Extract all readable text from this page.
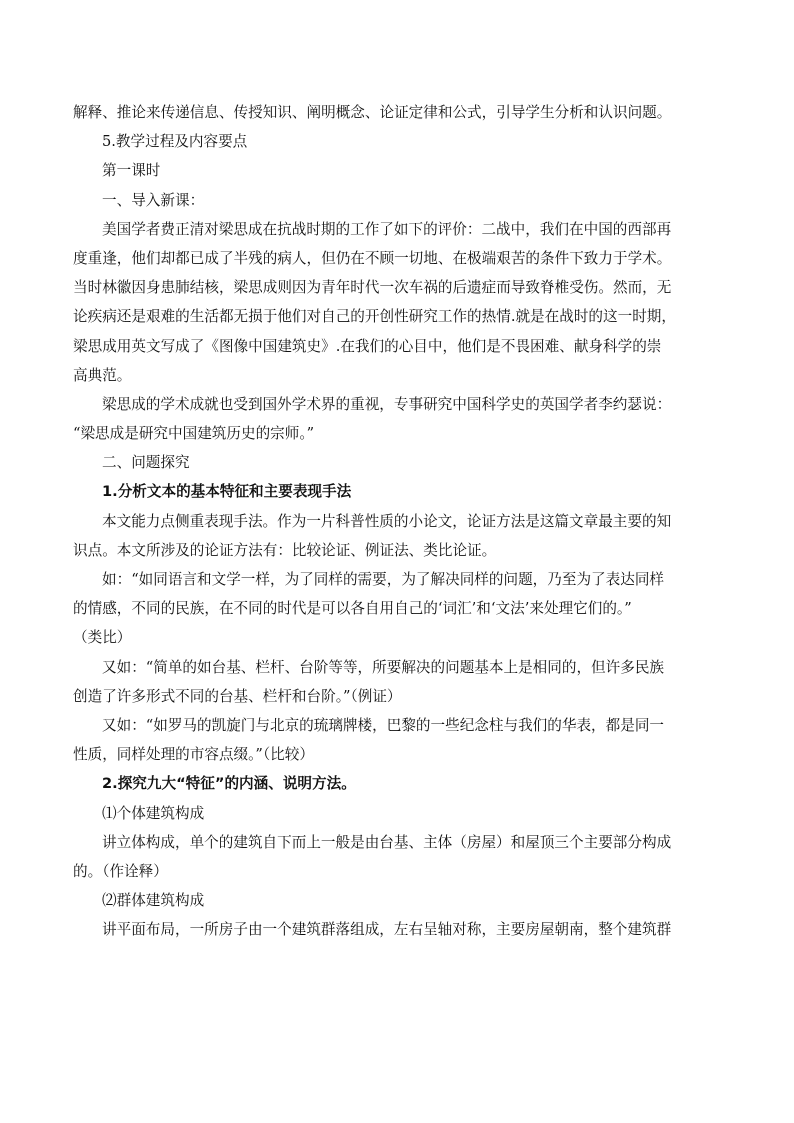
解释、推论来传递信息、传授知识、阐明概念、论证定律和公式，引导学生分析和认识问题。
5.教学过程及内容要点
第一课时
一、导入新课：
美国学者费正清对梁思成在抗战时期的工作了如下的评价：二战中，我们在中国的西部再
度重逢，他们却都已成了半残的病人，但仍在不顾一切地、在极端艰苦的条件下致力于学术。
当时林徽因身患肺结核，梁思成则因为青年时代一次车祸的后遗症而导致脊椎受伤。然而，无
论疾病还是艰难的生活都无损于他们对自己的开创性研究工作的热情.就是在战时的这一时期，
梁思成用英文写成了《图像中国建筑史》.在我们的心目中，他们是不畏困难、献身科学的崇
高典范。
梁思成的学术成就也受到国外学术界的重视，专事研究中国科学史的英国学者李约瑟说：
“梁思成是研究中国建筑历史的宗师。”
二、问题探究
1.分析文本的基本特征和主要表现手法
本文能力点侧重表现手法。作为一片科普性质的小论文，论证方法是这篇文章最主要的知
识点。本文所涉及的论证方法有：比较论证、例证法、类比论证。
如：“如同语言和文学一样，为了同样的需要，为了解决同样的问题，乃至为了表达同样
的情感，不同的民族，在不同的时代是可以各自用自己的‘词汇’和‘文法’来处理它们的。”
（类比）
又如：“简单的如台基、栏杆、台阶等等，所要解决的问题基本上是相同的，但许多民族
创造了许多形式不同的台基、栏杆和台阶。”（例证）
又如：“如罗马的凯旋门与北京的琉璃牌楼，巴黎的一些纪念柱与我们的华表，都是同一
性质，同样处理的市容点缀。”（比较）
2.探究九大“特征”的内涵、说明方法。
⑴个体建筑构成
讲立体构成，单个的建筑自下而上一般是由台基、主体（房屋）和屋顶三个主要部分构成
的。（作诠释）
⑵群体建筑构成
讲平面布局，一所房子由一个建筑群落组成，左右呈轴对称，主要房屋朝南，整个建筑群
